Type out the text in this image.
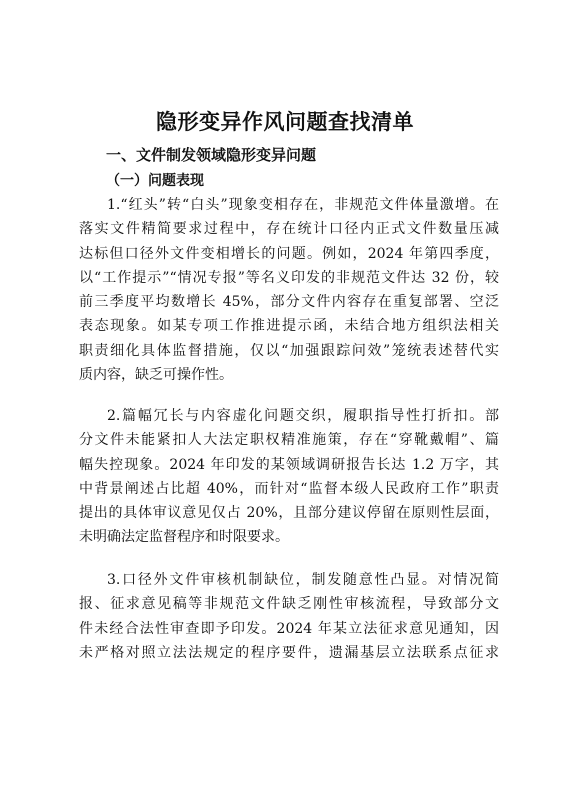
隐形变异作风问题查找清单
一、文件制发领域隐形变异问题
（一）问题表现
1.“红头”转“白头”现象变相存在，非规范文件体量激增。在
落实文件精简要求过程中，存在统计口径内正式文件数量压减
达标但口径外文件变相增长的问题。例如，2024 年第四季度，
以“工作提示”“情况专报”等名义印发的非规范文件达 32 份，较
前三季度平均数增长 45%，部分文件内容存在重复部署、空泛
表态现象。如某专项工作推进提示函，未结合地方组织法相关
职责细化具体监督措施，仅以“加强跟踪问效”笼统表述替代实
质内容，缺乏可操作性。
2.篇幅冗长与内容虚化问题交织，履职指导性打折扣。部
分文件未能紧扣人大法定职权精准施策，存在“穿靴戴帽”、篇
幅失控现象。2024 年印发的某领域调研报告长达 1.2 万字，其
中背景阐述占比超 40%，而针对“监督本级人民政府工作”职责
提出的具体审议意见仅占 20%，且部分建议停留在原则性层面，
未明确法定监督程序和时限要求。
3.口径外文件审核机制缺位，制发随意性凸显。对情况简
报、征求意见稿等非规范文件缺乏刚性审核流程，导致部分文
件未经合法性审查即予印发。2024 年某立法征求意见通知，因
未严格对照立法法规定的程序要件，遗漏基层立法联系点征求
